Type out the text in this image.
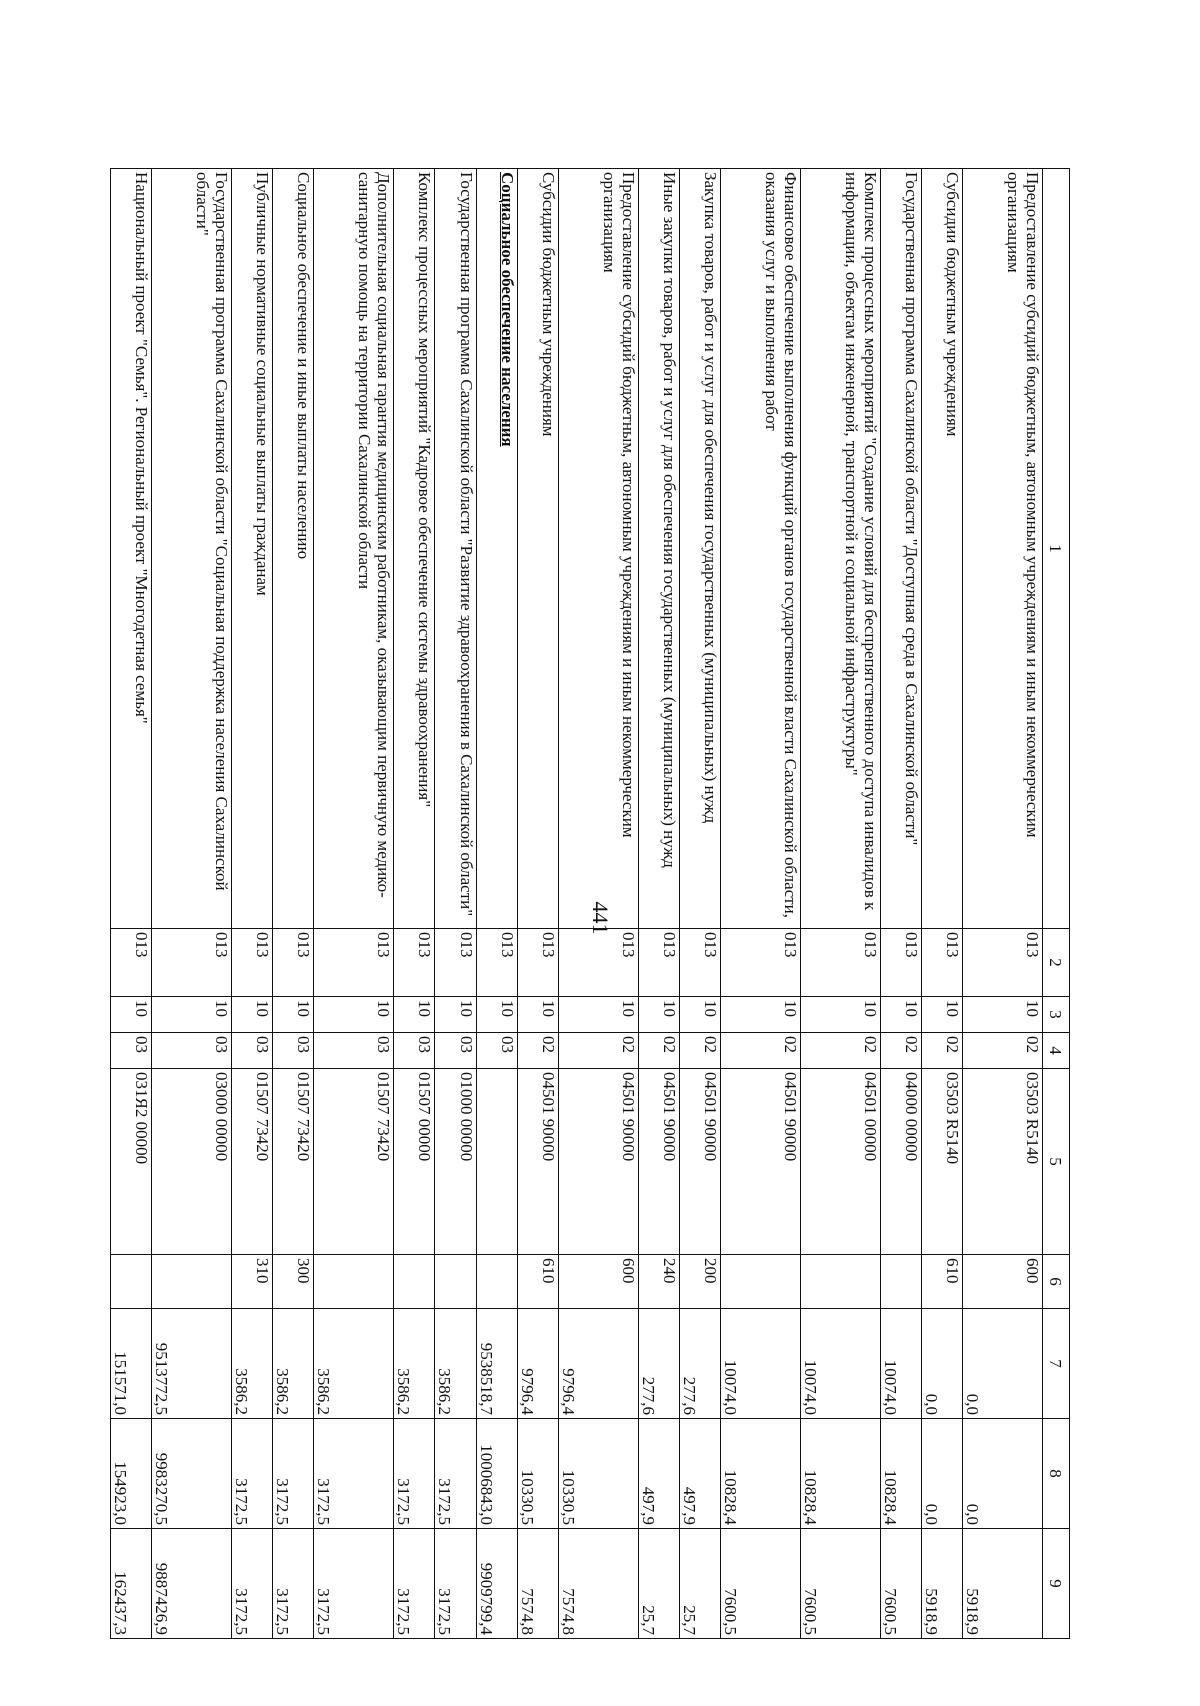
441
1	2	3	4	5	6	7	8	9
Предоставление субсидий бюджетным, автономным учреждениям и иным некоммерческим организациям	013	10	02	03503 R5140	600	0,0	0,0	5918,9
Субсидии бюджетным учреждениям	013	10	02	03503 R5140	610	0,0	0,0	5918,9
Государственная программа Сахалинской области "Доступная среда в Сахалинской области"	013	10	02	04000 00000		10074,0	10828,4	7600,5
Комплекс процессных мероприятий "Создание условий для беспрепятственного доступа инвалидов к информации, объектам инженерной, транспортной и социальной инфраструктуры"	013	10	02	04501 00000		10074,0	10828,4	7600,5
Финансовое обеспечение выполнения функций органов государственной власти Сахалинской области, оказания услуг и выполнения работ	013	10	02	04501 90000		10074,0	10828,4	7600,5
Закупка товаров, работ и услуг для обеспечения государственных (муниципальных) нужд	013	10	02	04501 90000	200	277,6	497,9	25,7
Иные закупки товаров, работ и услуг для обеспечения государственных (муниципальных) нужд	013	10	02	04501 90000	240	277,6	497,9	25,7
Предоставление субсидий бюджетным, автономным учреждениям и иным некоммерческим организациям	013	10	02	04501 90000	600	9796,4	10330,5	7574,8
Субсидии бюджетным учреждениям	013	10	02	04501 90000	610	9796,4	10330,5	7574,8
Социальное обеспечение населения	013	10	03			9538518,7	10006843,0	9909799,4
Государственная программа Сахалинской области "Развитие здравоохранения в Сахалинской области"	013	10	03	01000 00000		3586,2	3172,5	3172,5
Комплекс процессных мероприятий "Кадровое обеспечение системы здравоохранения"	013	10	03	01507 00000		3586,2	3172,5	3172,5
Дополнительная социальная гарантия медицинским работникам, оказывающим первичную медико-санитарную помощь на территории Сахалинской области	013	10	03	01507 73420		3586,2	3172,5	3172,5
Социальное обеспечение и иные выплаты населению	013	10	03	01507 73420	300	3586,2	3172,5	3172,5
Публичные нормативные социальные выплаты гражданам	013	10	03	01507 73420	310	3586,2	3172,5	3172,5
Государственная программа Сахалинской области "Социальная поддержка населения Сахалинской области"	013	10	03	03000 00000		9513772,5	9983270,5	9887426,9
Национальный проект "Семья". Региональный проект "Многодетная семья"	013	10	03	031Я2 00000		151571,0	154923,0	162437,3
